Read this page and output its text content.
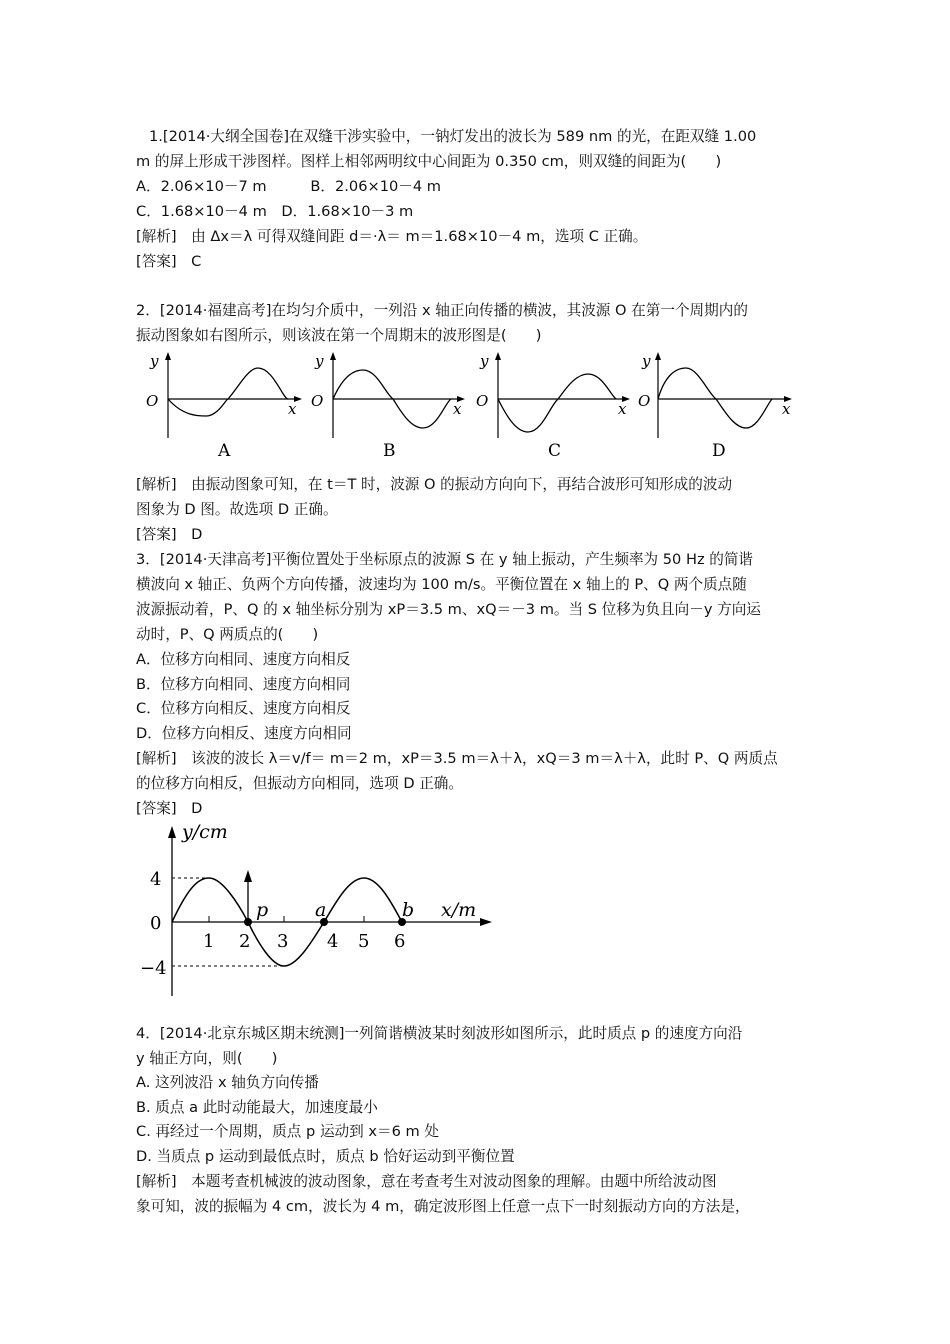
1.[2014·大纲全国卷]在双缝干涉实验中，一钠灯发出的波长为 589 nm 的光，在距双缝 1.00
m 的屏上形成干涉图样。图样上相邻两明纹中心间距为 0.350 cm，则双缝的间距为(　　)
A．2.06×10－7 m　　　B．2.06×10－4 m
C．1.68×10－4 m　D．1.68×10－3 m
[解析]　由 Δx＝λ 可得双缝间距 d＝·λ＝ m＝1.68×10－4 m，选项 C 正确。
[答案]　C
2．[2014·福建高考]在均匀介质中，一列沿 x 轴正向传播的横波，其波源 O 在第一个周期内的
振动图象如右图所示，则该波在第一个周期末的波形图是(　　)
y
O	x
A
y
O	x
B
y
O	x
C
y
O	x
D
[解析]　由振动图象可知，在 t＝T 时，波源 O 的振动方向向下，再结合波形可知形成的波动
图象为 D 图。故选项 D 正确。
[答案]　D
3．[2014·天津高考]平衡位置处于坐标原点的波源 S 在 y 轴上振动，产生频率为 50 Hz 的简谐
横波向 x 轴正、负两个方向传播，波速均为 100 m/s。平衡位置在 x 轴上的 P、Q 两个质点随
波源振动着，P、Q 的 x 轴坐标分别为 xP＝3.5 m、xQ＝－3 m。当 S 位移为负且向－y 方向运
动时，P、Q 两质点的(　　)
A．位移方向相同、速度方向相反
B．位移方向相同、速度方向相同
C．位移方向相反、速度方向相反
D．位移方向相反、速度方向相同
[解析]　该波的波长 λ＝v/f＝ m＝2 m，xP＝3.5 m＝λ＋λ，xQ＝3 m＝λ＋λ，此时 P、Q 两质点
的位移方向相反，但振动方向相同，选项 D 正确。
[答案]　D
y/cm
x/m
4
0
−4
1 2 3 4 5 6
p a	b
4．[2014·北京东城区期末统测]一列简谐横波某时刻波形如图所示，此时质点 p 的速度方向沿
y 轴正方向，则(　　)
A. 这列波沿 x 轴负方向传播
B. 质点 a 此时动能最大，加速度最小
C. 再经过一个周期，质点 p 运动到 x＝6 m 处
D. 当质点 p 运动到最低点时，质点 b 恰好运动到平衡位置
[解析]　本题考查机械波的波动图象，意在考查考生对波动图象的理解。由题中所给波动图
象可知，波的振幅为 4 cm，波长为 4 m，确定波形图上任意一点下一时刻振动方向的方法是，
